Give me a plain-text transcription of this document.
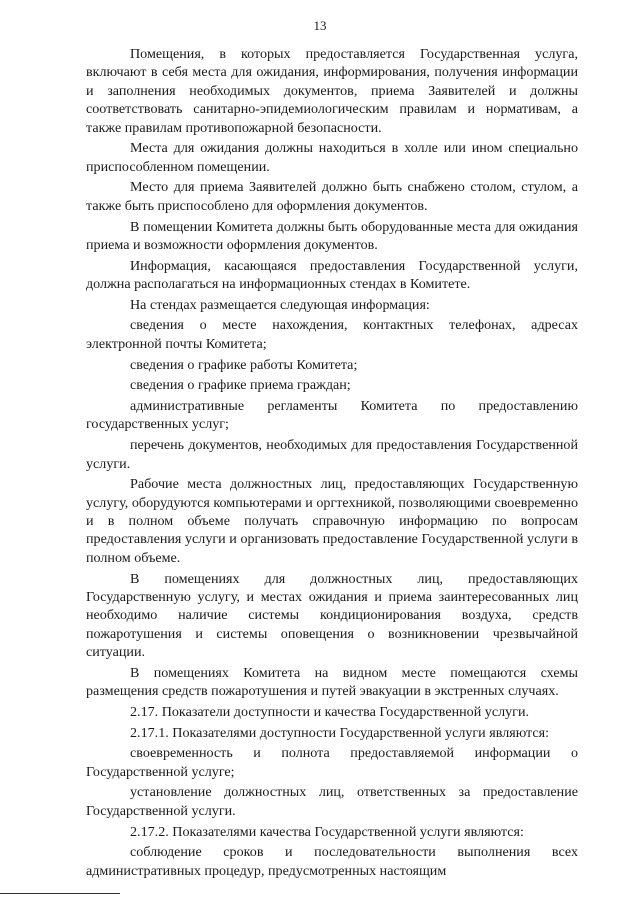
13

Помещения, в которых предоставляется Государственная услуга, включают в себя места для ожидания, информирования, получения информации и заполнения необходимых документов, приема Заявителей и должны соответствовать санитарно-эпидемиологическим правилам и нормативам, а также правилам противопожарной безопасности.

Места для ожидания должны находиться в холле или ином специально приспособленном помещении.

Место для приема Заявителей должно быть снабжено столом, стулом, а также быть приспособлено для оформления документов.

В помещении Комитета должны быть оборудованные места для ожидания приема и возможности оформления документов.

Информация, касающаяся предоставления Государственной услуги, должна располагаться на информационных стендах в Комитете.

На стендах размещается следующая информация:

сведения о месте нахождения, контактных телефонах, адресах электронной почты Комитета;

сведения о графике работы Комитета;

сведения о графике приема граждан;

административные регламенты Комитета по предоставлению государственных услуг;

перечень документов, необходимых для предоставления Государственной услуги.

Рабочие места должностных лиц, предоставляющих Государственную услугу, оборудуются компьютерами и оргтехникой, позволяющими своевременно и в полном объеме получать справочную информацию по вопросам предоставления услуги и организовать предоставление Государственной услуги в полном объеме.

В помещениях для должностных лиц, предоставляющих Государственную услугу, и местах ожидания и приема заинтересованных лиц необходимо наличие системы кондиционирования воздуха, средств пожаротушения и системы оповещения о возникновении чрезвычайной ситуации.

В помещениях Комитета на видном месте помещаются схемы размещения средств пожаротушения и путей эвакуации в экстренных случаях.

2.17. Показатели доступности и качества Государственной услуги.

2.17.1. Показателями доступности Государственной услуги являются:

своевременность и полнота предоставляемой информации о Государственной услуге;

установление должностных лиц, ответственных за предоставление Государственной услуги.

2.17.2. Показателями качества Государственной услуги являются:

соблюдение сроков и последовательности выполнения всех административных процедур, предусмотренных настоящим
